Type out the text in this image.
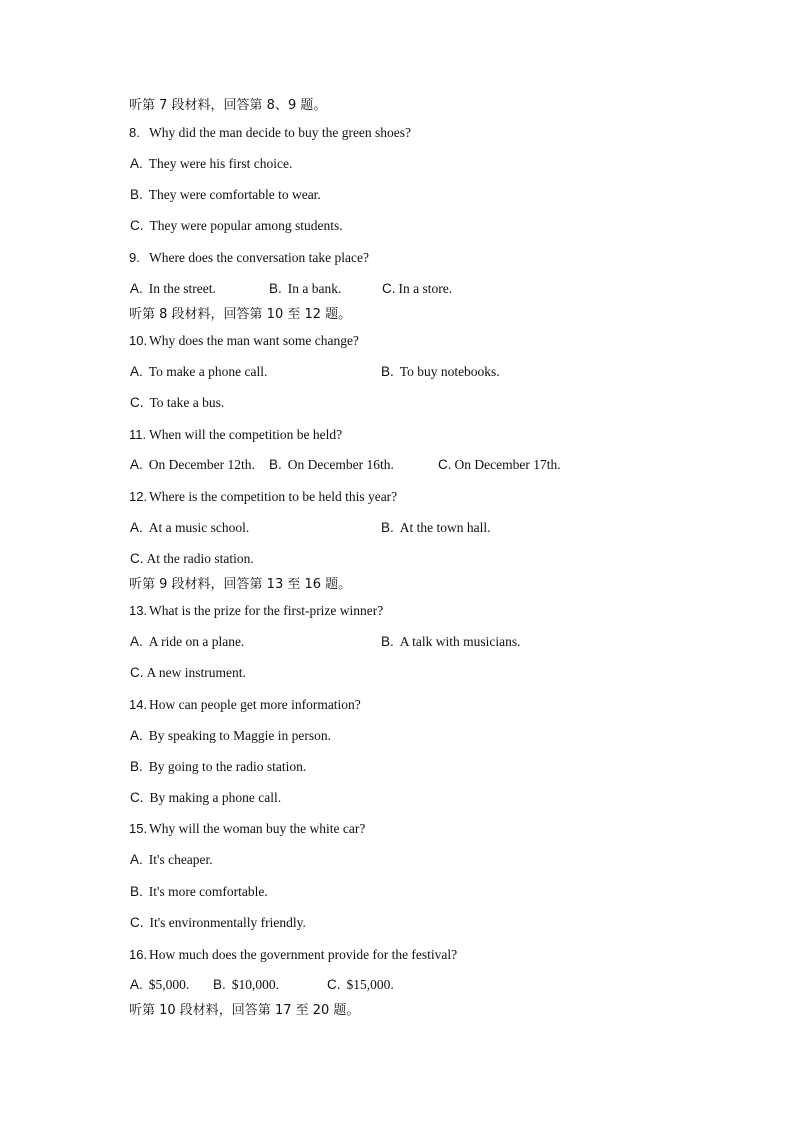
听第 7 段材料，回答第 8、9 题。
8. Why did the man decide to buy the green shoes?
A. They were his first choice.
B. They were comfortable to wear.
C. They were popular among students.
9. Where does the conversation take place?
A. In the street.	B. In a bank.	C. In a store.
听第 8 段材料，回答第 10 至 12 题。
10. Why does the man want some change?
A. To make a phone call.	B. To buy notebooks.
C. To take a bus.
11. When will the competition be held?
A. On December 12th. B. On December 16th.	C. On December 17th.
12. Where is the competition to be held this year?
A. At a music school.	B. At the town hall.
C. At the radio station.
听第 9 段材料，回答第 13 至 16 题。
13. What is the prize for the first-prize winner?
A. A ride on a plane.	B. A talk with musicians.
C. A new instrument.
14. How can people get more information?
A. By speaking to Maggie in person.
B. By going to the radio station.
C. By making a phone call.
15. Why will the woman buy the white car?
A. It's cheaper.
B. It's more comfortable.
C. It's environmentally friendly.
16. How much does the government provide for the festival?
A. $5,000. B. $10,000.	C. $15,000.
听第 10 段材料，回答第 17 至 20 题。
